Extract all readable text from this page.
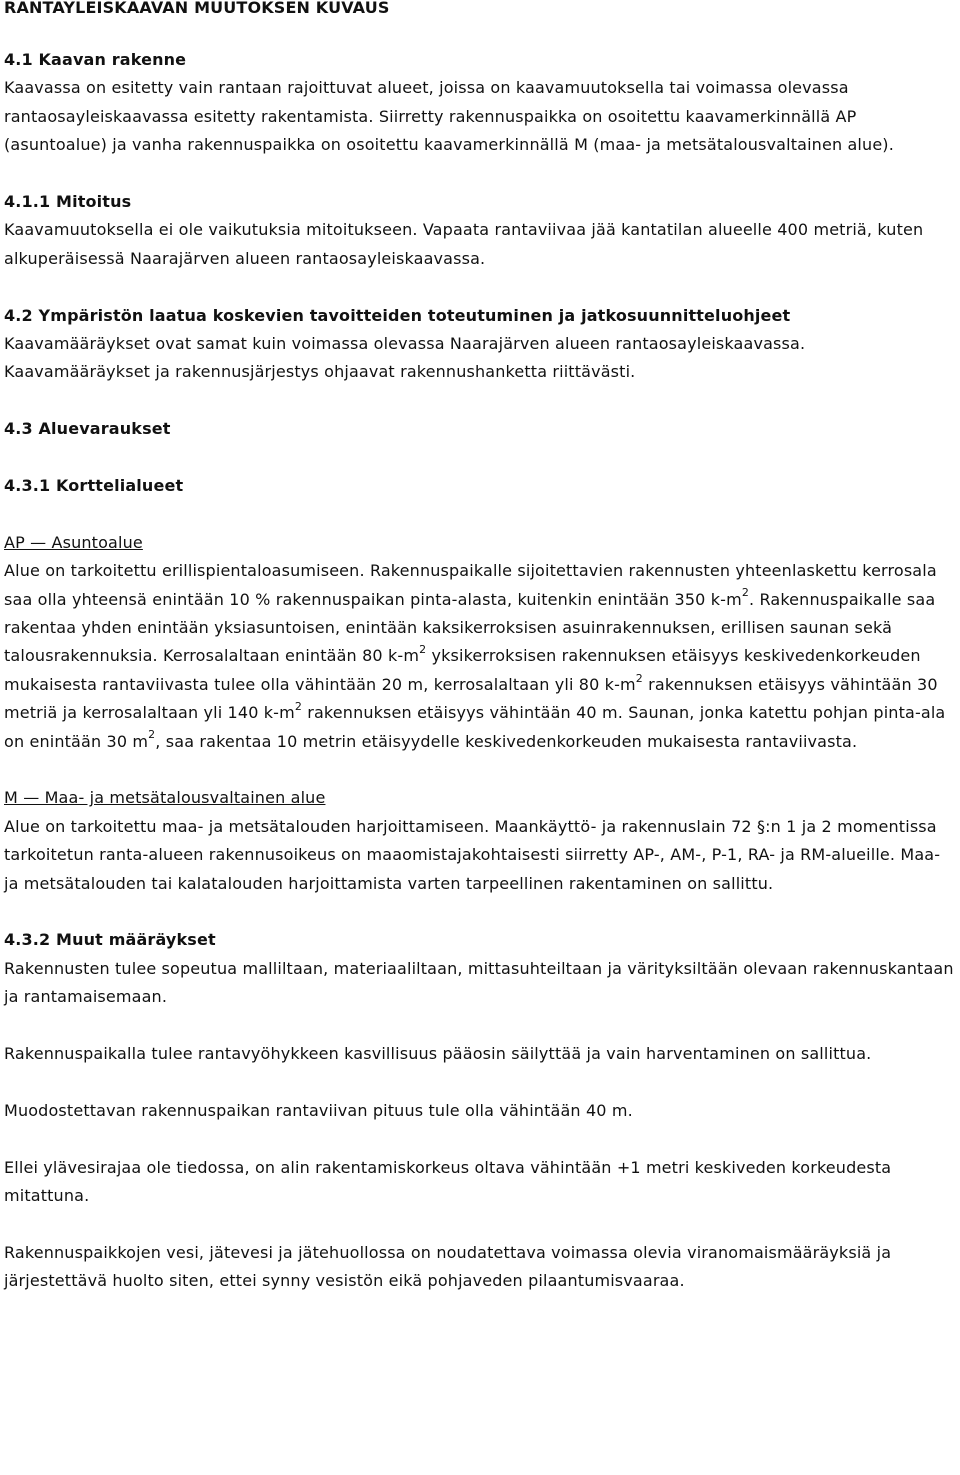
RANTAYLEISKAAVAN MUUTOKSEN KUVAUS
4.1 Kaavan rakenne

Kaavassa on esitetty vain rantaan rajoittuvat alueet, joissa on kaavamuutoksella tai voimassa olevassa rantaosayleiskaavassa esitetty rakentamista. Siirretty rakennuspaikka on osoitettu kaavamerkinnällä AP (asuntoalue) ja vanha rakennuspaikka on osoitettu kaavamerkinnällä M (maa- ja metsätalousvaltainen alue).

4.1.1 Mitoitus

Kaavamuutoksella ei ole vaikutuksia mitoitukseen. Vapaata rantaviivaa jää kantatilan alueelle 400 metriä, kuten alkuperäisessä Naarajärven alueen rantaosayleiskaavassa.

4.2 Ympäristön laatua koskevien tavoitteiden toteutuminen ja jatkosuunnitteluohjeet

Kaavamääräykset ovat samat kuin voimassa olevassa Naarajärven alueen rantaosayleiskaavassa.

Kaavamääräykset ja rakennusjärjestys ohjaavat rakennushanketta riittävästi.

4.3 Aluevaraukset
4.3.1 Korttelialueet

AP — Asuntoalue

Alue on tarkoitettu erillispientaloasumiseen. Rakennuspaikalle sijoitettavien rakennusten yhteenlaskettu kerrosala saa olla yhteensä enintään 10 % rakennuspaikan pinta-alasta, kuitenkin enintään 350 $k-m^2$. Rakennuspaikalle saa rakentaa yhden enintään yksiasuntoisen, enintään kaksikerroksisen asuinrakennuksen, erillisen saunan sekä talousrakennuksia. Kerrosalaltaan enintään 80 $k-m^2$ yksikerroksisen rakennuksen etäisyys keskivedenkorkeuden mukaisesta rantaviivasta tulee olla vähintään 20 m, kerrosalaltaan yli 80 $k-m^2$ rakennuksen etäisyys vähintään 30 metriä ja kerrosalaltaan yli 140 $k-m^2$ rakennuksen etäisyys vähintään 40 m. Saunan, jonka katettu pohjan pinta-ala on enintään 30 $m^2$, saa rakentaa 10 metrin etäisyydelle keskivedenkorkeuden mukaisesta rantaviivasta.

M — Maa- ja metsätalousvaltainen alue

Alue on tarkoitettu maa- ja metsätalouden harjoittamiseen. Maankäyttö- ja rakennuslain 72 §:n 1 ja 2 momentissa tarkoitetun ranta-alueen rakennusoikeus on maaomistajakohtaisesti siirretty AP-, AM-, P-1, RA- ja RM-alueille. Maa- ja metsätalouden tai kalatalouden harjoittamista varten tarpeellinen rakentaminen on sallittu.

4.3.2 Muut määräykset

Rakennusten tulee sopeutua malliltaan, materiaaliltaan, mittasuhteiltaan ja värityksiltään olevaan rakennuskantaan ja rantamaisemaan.

Rakennuspaikalla tulee rantavyöhykkeen kasvillisuus pääosin säilyttää ja vain harventaminen on sallittua.

Muodostettavan rakennuspaikan rantaviivan pituus tule olla vähintään 40 m.

Ellei ylävesirajaa ole tiedossa, on alin rakentamiskorkeus oltava vähintään +1 metri keskiveden korkeudesta mitattuna.

Rakennuspaikkojen vesi, jätevesi ja jätehuollossa on noudatettava voimassa olevia viranomaismääräyksiä ja järjestettävä huolto siten, ettei synny vesistön eikä pohjaveden pilaantumisvaaraa.
